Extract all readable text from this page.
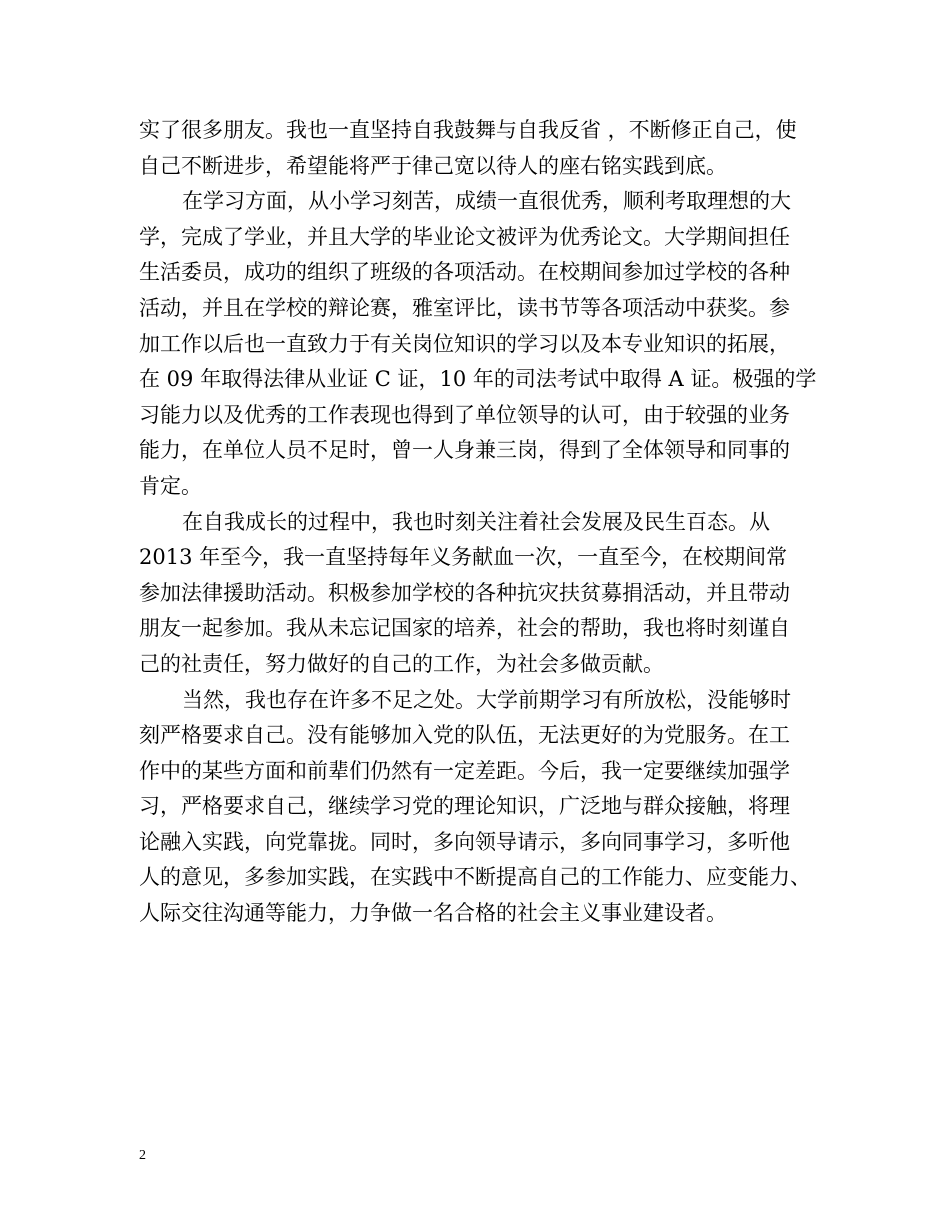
实了很多朋友。我也一直坚持自我鼓舞与自我反省 ，不断修正自己，使
自己不断进步，希望能将严于律己宽以待人的座右铭实践到底。
在学习方面，从小学习刻苦，成绩一直很优秀，顺利考取理想的大
学，完成了学业，并且大学的毕业论文被评为优秀论文。大学期间担任
生活委员，成功的组织了班级的各项活动。在校期间参加过学校的各种
活动，并且在学校的辩论赛，雅室评比，读书节等各项活动中获奖。参
加工作以后也一直致力于有关岗位知识的学习以及本专业知识的拓展，
在 09 年取得法律从业证 C 证，10 年的司法考试中取得 A 证。极强的学
习能力以及优秀的工作表现也得到了单位领导的认可，由于较强的业务
能力，在单位人员不足时，曾一人身兼三岗，得到了全体领导和同事的
肯定。
在自我成长的过程中，我也时刻关注着社会发展及民生百态。从
2013 年至今，我一直坚持每年义务献血一次，一直至今，在校期间常
参加法律援助活动。积极参加学校的各种抗灾扶贫募捐活动，并且带动
朋友一起参加。我从未忘记国家的培养，社会的帮助，我也将时刻谨自
己的社责任，努力做好的自己的工作，为社会多做贡献。
当然，我也存在许多不足之处。大学前期学习有所放松，没能够时
刻严格要求自己。没有能够加入党的队伍，无法更好的为党服务。在工
作中的某些方面和前辈们仍然有一定差距。今后，我一定要继续加强学
习，严格要求自己，继续学习党的理论知识，广泛地与群众接触，将理
论融入实践，向党靠拢。同时，多向领导请示，多向同事学习，多听他
人的意见，多参加实践，在实践中不断提高自己的工作能力、应变能力、
人际交往沟通等能力，力争做一名合格的社会主义事业建设者。
2
